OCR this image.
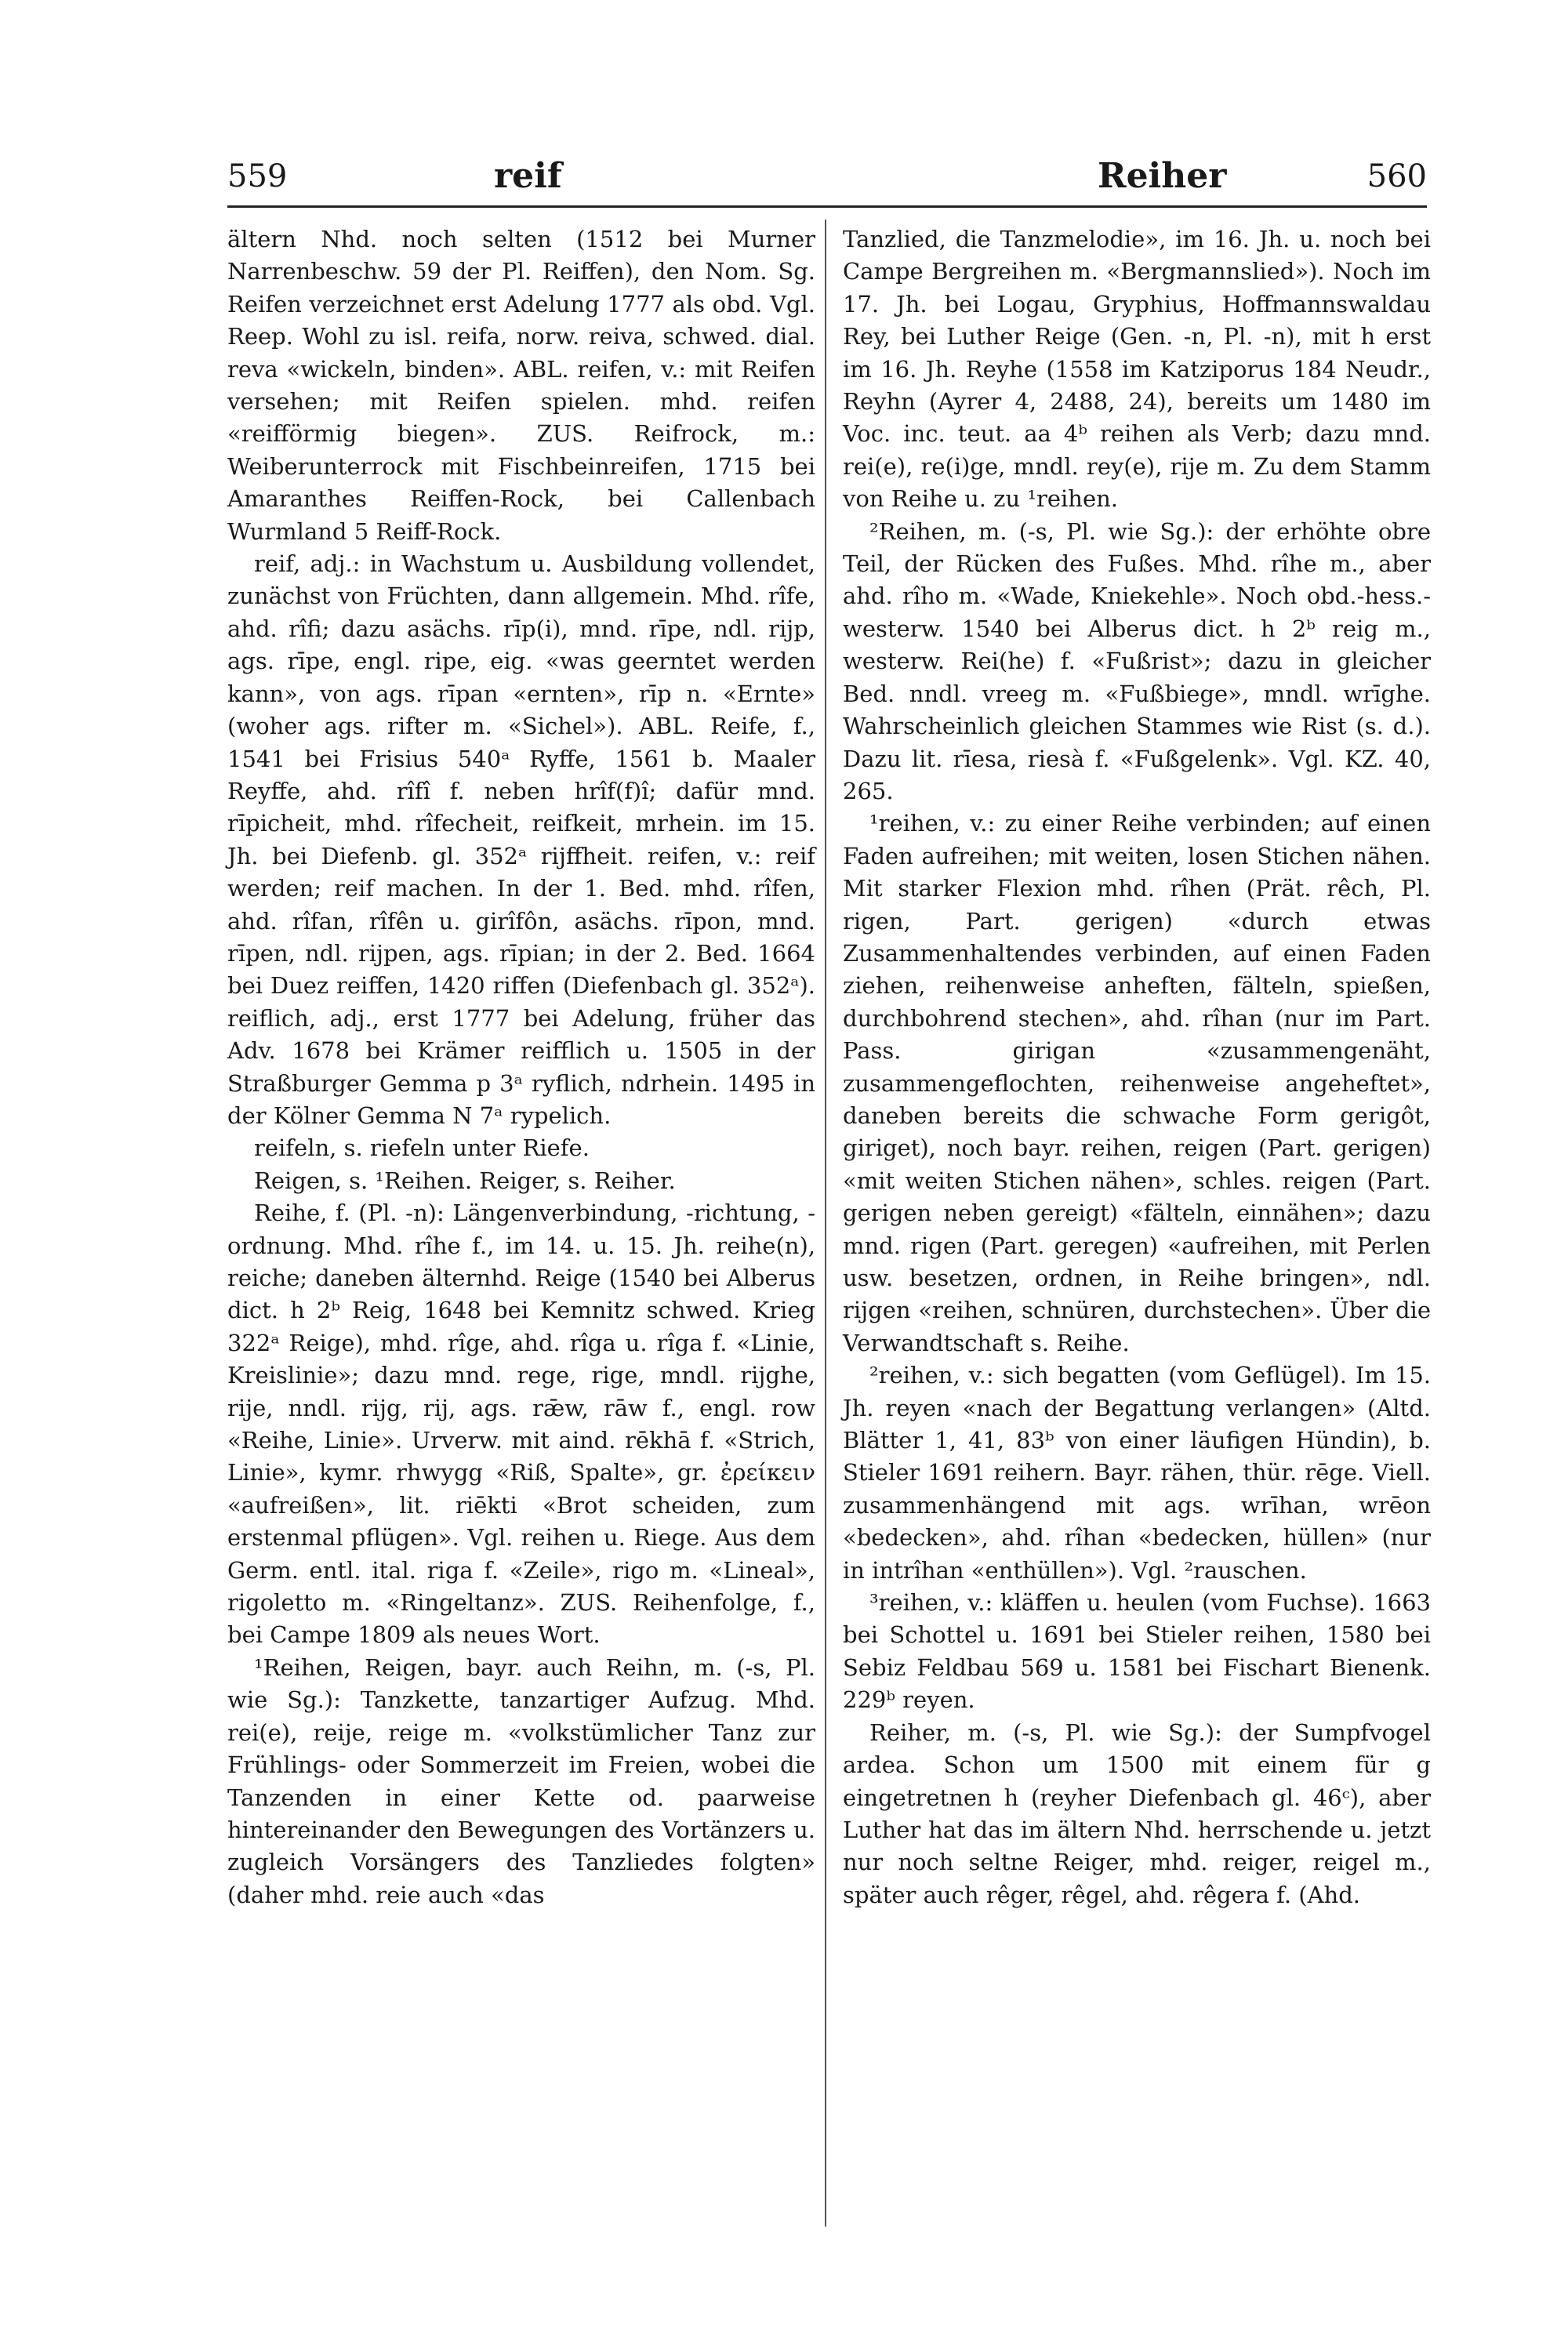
559	reif	Reiher	560

ältern Nhd. noch selten (1512 bei Murner Narrenbeschw. 59 der Pl. Reiffen), den Nom. Sg. Reifen verzeichnet erst Adelung 1777 als obd. Vgl. Reep. Wohl zu isl. reifa, norw. reiva, schwed. dial. reva «wickeln, binden». ABL. reifen, v.: mit Reifen versehen; mit Reifen spielen. mhd. reifen «reifförmig biegen». ZUS. Reifrock, m.: Weiberunterrock mit Fischbeinreifen, 1715 bei Amaranthes Reiffen-Rock, bei Callenbach Wurmland 5 Reiff-Rock.

reif, adj.: in Wachstum u. Ausbildung vollendet, zunächst von Früchten, dann allgemein. Mhd. rîfe, ahd. rîfi; dazu asächs. rīp(i), mnd. rīpe, ndl. rijp, ags. rīpe, engl. ripe, eig. «was geerntet werden kann», von ags. rīpan «ernten», rīp n. «Ernte» (woher ags. rifter m. «Sichel»). ABL. Reife, f., 1541 bei Frisius 540ᵃ Ryffe, 1561 b. Maaler Reyffe, ahd. rîfî f. neben hrîf(f)î; dafür mnd. rīpicheit, mhd. rîfecheit, reifkeit, mrhein. im 15. Jh. bei Diefenb. gl. 352ᵃ rijffheit. reifen, v.: reif werden; reif machen. In der 1. Bed. mhd. rîfen, ahd. rîfan, rîfên u. girîfôn, asächs. rīpon, mnd. rīpen, ndl. rijpen, ags. rīpian; in der 2. Bed. 1664 bei Duez reiffen, 1420 riffen (Diefenbach gl. 352ᵃ). reiflich, adj., erst 1777 bei Adelung, früher das Adv. 1678 bei Krämer reifflich u. 1505 in der Straßburger Gemma p 3ᵃ ryflich, ndrhein. 1495 in der Kölner Gemma N 7ᵃ rypelich.

reifeln, s. riefeln unter Riefe.

Reigen, s. ¹Reihen. Reiger, s. Reiher.

Reihe, f. (Pl. -n): Längenverbindung, -richtung, -ordnung. Mhd. rîhe f., im 14. u. 15. Jh. reihe(n), reiche; daneben älternhd. Reige (1540 bei Alberus dict. h 2ᵇ Reig, 1648 bei Kemnitz schwed. Krieg 322ᵃ Reige), mhd. rîge, ahd. rîga u. rîga f. «Linie, Kreislinie»; dazu mnd. rege, rige, mndl. rijghe, rije, nndl. rijg, rij, ags. rǣw, rāw f., engl. row «Reihe, Linie». Urverw. mit aind. rēkhā f. «Strich, Linie», kymr. rhwygg «Riß, Spalte», gr. ἐρείκειν «aufreißen», lit. riēkti «Brot scheiden, zum erstenmal pflügen». Vgl. reihen u. Riege. Aus dem Germ. entl. ital. riga f. «Zeile», rigo m. «Lineal», rigoletto m. «Ringeltanz». ZUS. Reihenfolge, f., bei Campe 1809 als neues Wort.

¹Reihen, Reigen, bayr. auch Reihn, m. (-s, Pl. wie Sg.): Tanzkette, tanzartiger Aufzug. Mhd. rei(e), reije, reige m. «volkstümlicher Tanz zur Frühlings- oder Sommerzeit im Freien, wobei die Tanzenden in einer Kette od. paarweise hintereinander den Bewegungen des Vortänzers u. zugleich Vorsängers des Tanzliedes folgten» (daher mhd. reie auch «das

Tanzlied, die Tanzmelodie», im 16. Jh. u. noch bei Campe Bergreihen m. «Bergmannslied»). Noch im 17. Jh. bei Logau, Gryphius, Hoffmannswaldau Rey, bei Luther Reige (Gen. -n, Pl. -n), mit h erst im 16. Jh. Reyhe (1558 im Katziporus 184 Neudr., Reyhn (Ayrer 4, 2488, 24), bereits um 1480 im Voc. inc. teut. aa 4ᵇ reihen als Verb; dazu mnd. rei(e), re(i)ge, mndl. rey(e), rije m. Zu dem Stamm von Reihe u. zu ¹reihen.

²Reihen, m. (-s, Pl. wie Sg.): der erhöhte obre Teil, der Rücken des Fußes. Mhd. rîhe m., aber ahd. rîho m. «Wade, Kniekehle». Noch obd.-hess.-westerw. 1540 bei Alberus dict. h 2ᵇ reig m., westerw. Rei(he) f. «Fußrist»; dazu in gleicher Bed. nndl. vreeg m. «Fußbiege», mndl. wrīghe. Wahrscheinlich gleichen Stammes wie Rist (s. d.). Dazu lit. rīesa, riesà f. «Fußgelenk». Vgl. KZ. 40, 265.

¹reihen, v.: zu einer Reihe verbinden; auf einen Faden aufreihen; mit weiten, losen Stichen nähen. Mit starker Flexion mhd. rîhen (Prät. rêch, Pl. rigen, Part. gerigen) «durch etwas Zusammenhaltendes verbinden, auf einen Faden ziehen, reihenweise anheften, fälteln, spießen, durchbohrend stechen», ahd. rîhan (nur im Part. Pass. girigan «zusammengenäht, zusammengeflochten, reihenweise angeheftet», daneben bereits die schwache Form gerigôt, giriget), noch bayr. reihen, reigen (Part. gerigen) «mit weiten Stichen nähen», schles. reigen (Part. gerigen neben gereigt) «fälteln, einnähen»; dazu mnd. rigen (Part. geregen) «aufreihen, mit Perlen usw. besetzen, ordnen, in Reihe bringen», ndl. rijgen «reihen, schnüren, durchstechen». Über die Verwandtschaft s. Reihe.

²reihen, v.: sich begatten (vom Geflügel). Im 15. Jh. reyen «nach der Begattung verlangen» (Altd. Blätter 1, 41, 83ᵇ von einer läufigen Hündin), b. Stieler 1691 reihern. Bayr. rähen, thür. rēge. Viell. zusammenhängend mit ags. wrīhan, wrēon «bedecken», ahd. rîhan «bedecken, hüllen» (nur in intrîhan «enthüllen»). Vgl. ²rauschen.

³reihen, v.: kläffen u. heulen (vom Fuchse). 1663 bei Schottel u. 1691 bei Stieler reihen, 1580 bei Sebiz Feldbau 569 u. 1581 bei Fischart Bienenk. 229ᵇ reyen.

Reiher, m. (-s, Pl. wie Sg.): der Sumpfvogel ardea. Schon um 1500 mit einem für g eingetretnen h (reyher Diefenbach gl. 46ᶜ), aber Luther hat das im ältern Nhd. herrschende u. jetzt nur noch seltne Reiger, mhd. reiger, reigel m., später auch rêger, rêgel, ahd. rêgera f. (Ahd.
